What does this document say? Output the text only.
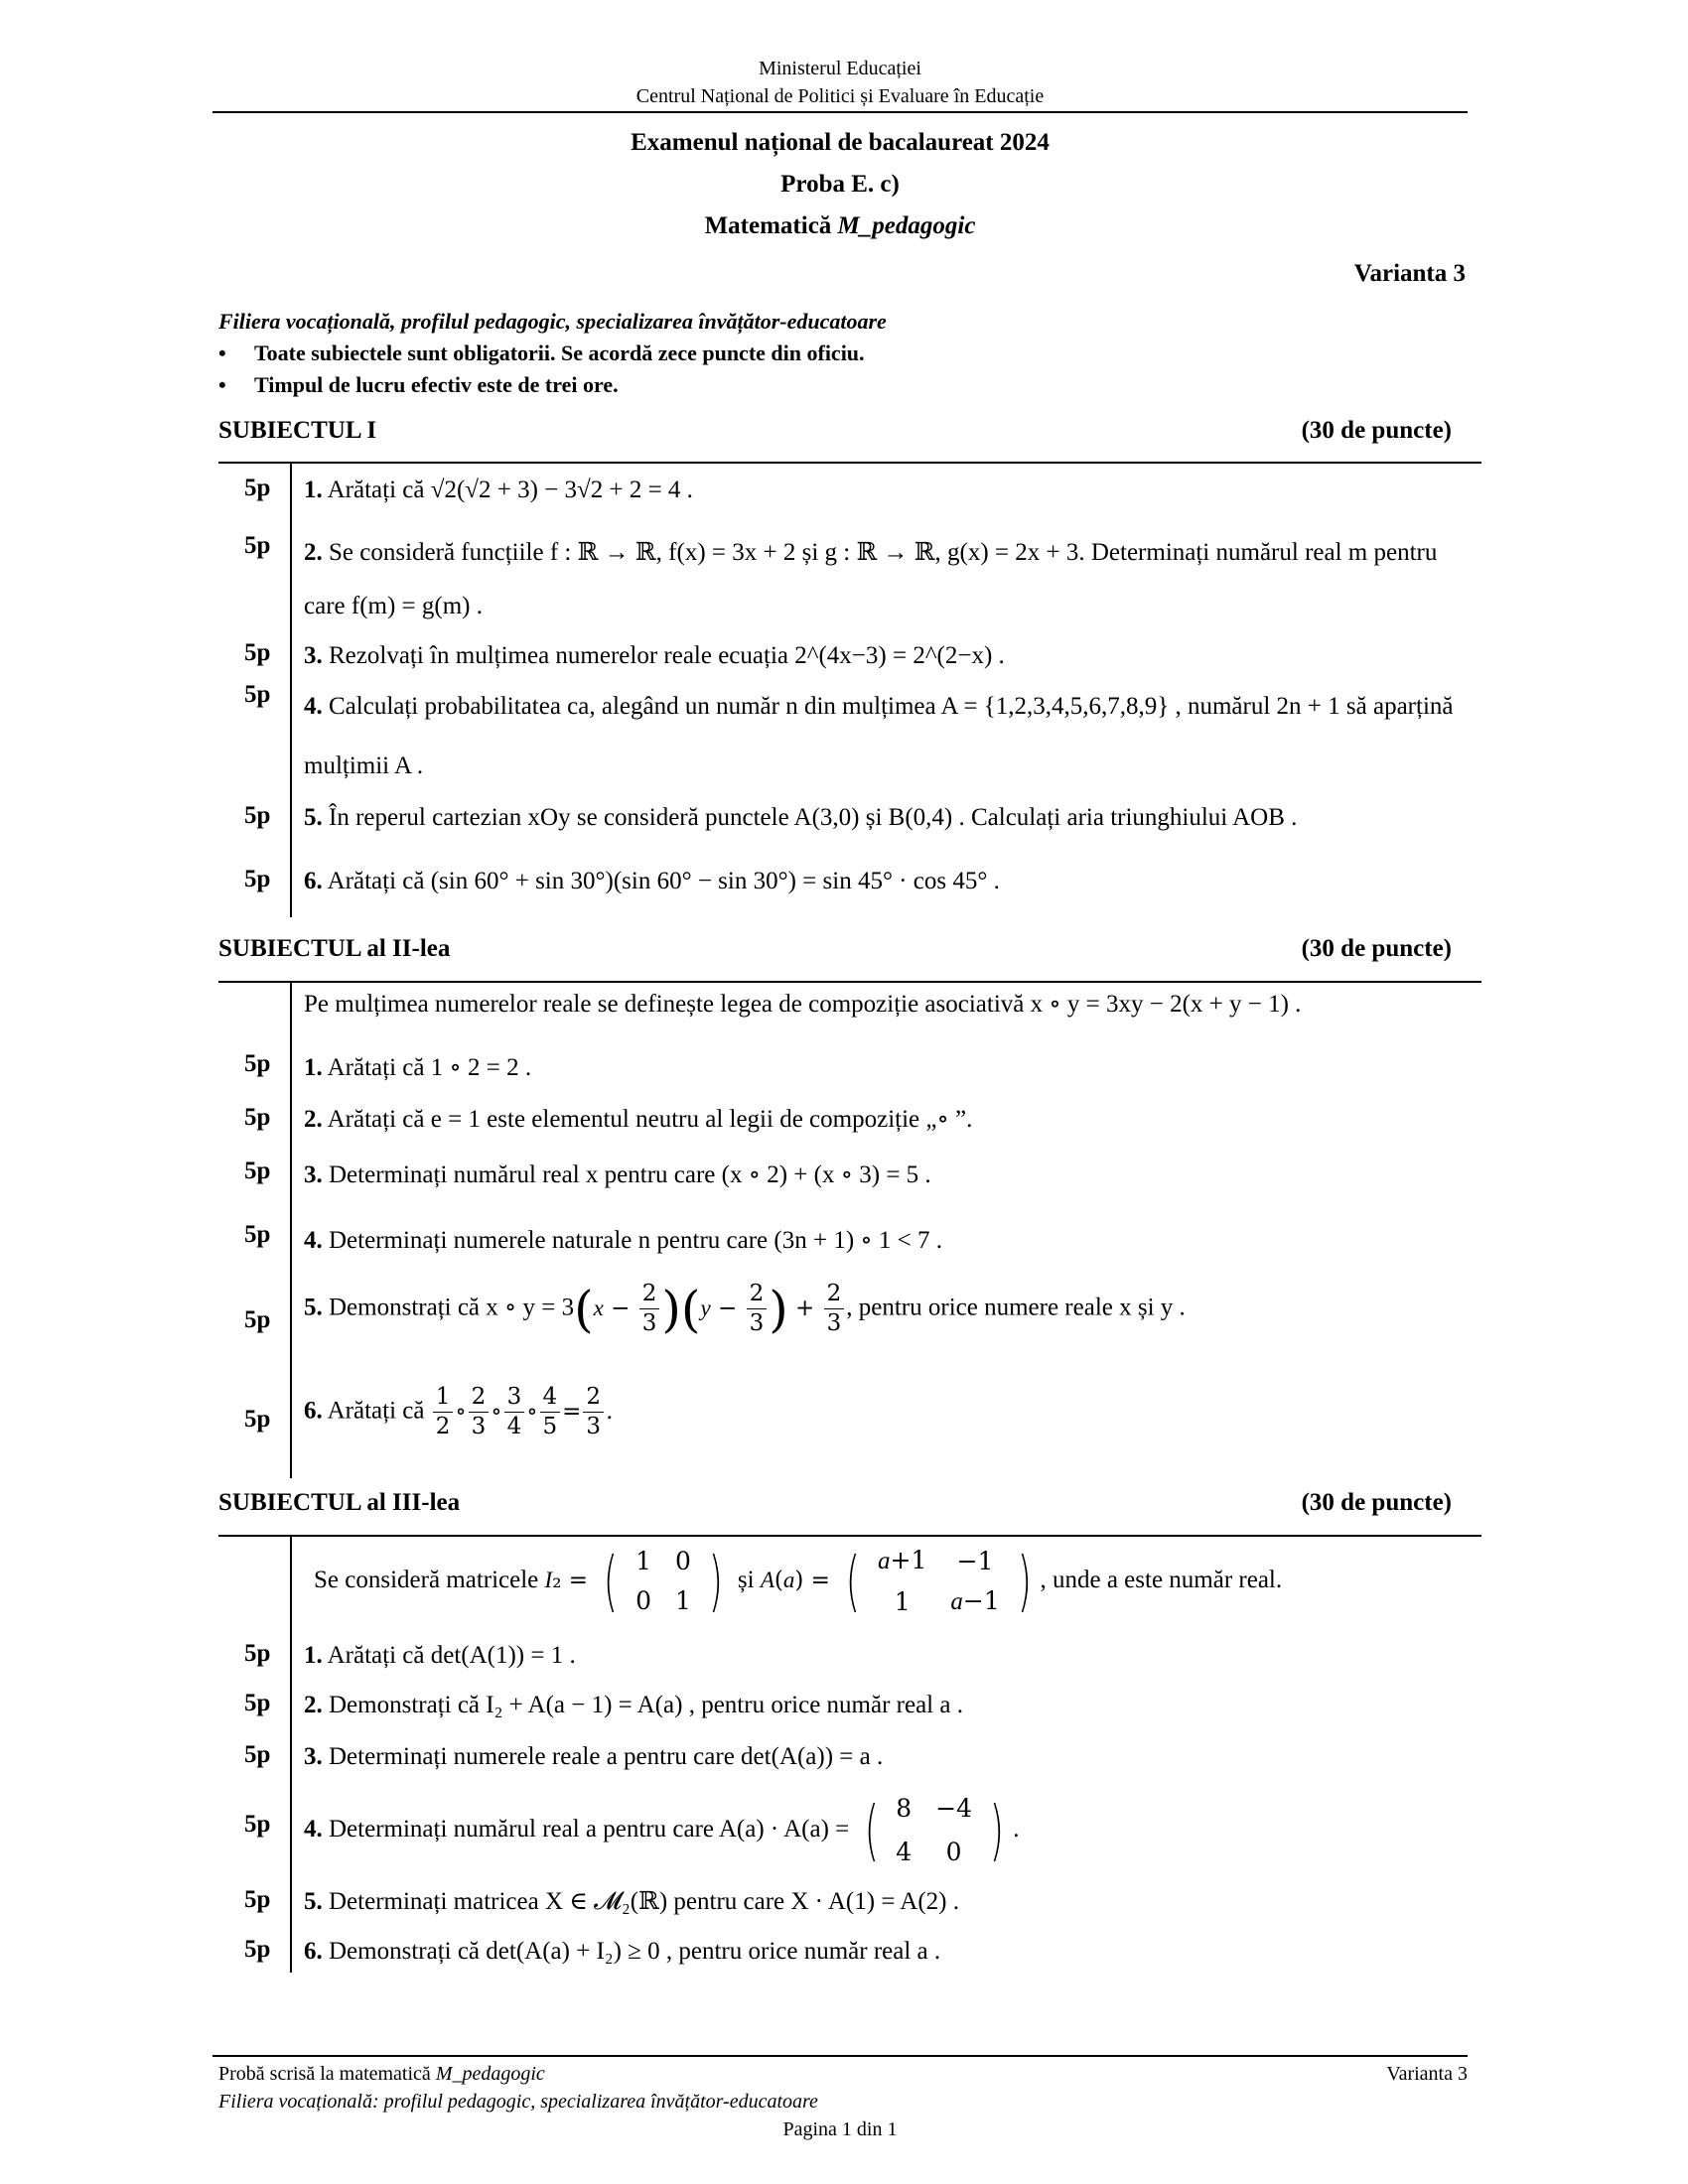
Ministerul Educației
Centrul Național de Politici și Evaluare în Educație
Examenul național de bacalaureat 2024
Proba E. c)
Matematică M_pedagogic
Varianta 3
Filiera vocațională, profilul pedagogic, specializarea învățător-educatoare
• Toate subiectele sunt obligatorii. Se acordă zece puncte din oficiu.
• Timpul de lucru efectiv este de trei ore.
SUBIECTUL I	(30 de puncte)
5p 1. Arătați că √2(√2 + 3) − 3√2 + 2 = 4 .
5p 2. Se consideră funcțiile f : ℝ → ℝ, f(x) = 3x + 2 și g : ℝ → ℝ, g(x) = 2x + 3. Determinați numărul real m pentru care f(m) = g(m) .
5p 3. Rezolvați în mulțimea numerelor reale ecuația 2^(4x−3) = 2^(2−x) .
5p 4. Calculați probabilitatea ca, alegând un număr n din mulțimea A = {1,2,3,4,5,6,7,8,9} , numărul 2n + 1 să aparțină mulțimii A .
5p 5. În reperul cartezian xOy se consideră punctele A(3,0) și B(0,4) . Calculați aria triunghiului AOB .
5p 6. Arătați că (sin 60° + sin 30°)(sin 60° − sin 30°) = sin 45° · cos 45° .
SUBIECTUL al II-lea	(30 de puncte)
Pe mulțimea numerelor reale se definește legea de compoziție asociativă x ∘ y = 3xy − 2(x + y − 1) .
5p 1. Arătați că 1 ∘ 2 = 2 .
5p 2. Arătați că e = 1 este elementul neutru al legii de compoziție „∘ ”.
5p 3. Determinați numărul real x pentru care (x ∘ 2) + (x ∘ 3) = 5 .
5p 4. Determinați numerele naturale n pentru care (3n + 1) ∘ 1 < 7 .
5p 5. Demonstrați că x ∘ $y = 3(x - \frac{2}{3} )(y - \frac{2}{3}$ ) + $\frac{2}{3}$ , pentru orice numere reale x și y .
5p 6. Arătați că $\frac{1}{2}$ ∘ $\frac{2}{3}$ ∘ $\frac{3}{4}$ ∘ $\frac{4}{5} = \frac{2}{3}$ .
SUBIECTUL al III-lea	(30 de puncte)
Se consideră matricele I₂ = ( 1	0
0	1 ) și A(a) = ( a+1	−1
1	a−1 ) , unde a este număr real.
5p 1. Arătați că det(A(1)) = 1 .
5p 2. Demonstrați că I₂ + A(a − 1) = A(a) , pentru orice număr real a .
5p 3. Determinați numerele reale a pentru care det(A(a)) = a .
5p 4. Determinați numărul real a pentru care A(a) · A(a) = ( 8	−4
4	0 ) .
5p 5. Determinați matricea X ∈ 𝓜₂(ℝ) pentru care X · A(1) = A(2) .
5p 6. Demonstrați că det(A(a) + I₂) ≥ 0 , pentru orice număr real a .
Probă scrisă la matematică M_pedagogic
Filiera vocațională: profilul pedagogic, specializarea învățător-educatoare
Varianta 3
Pagina 1 din 1
